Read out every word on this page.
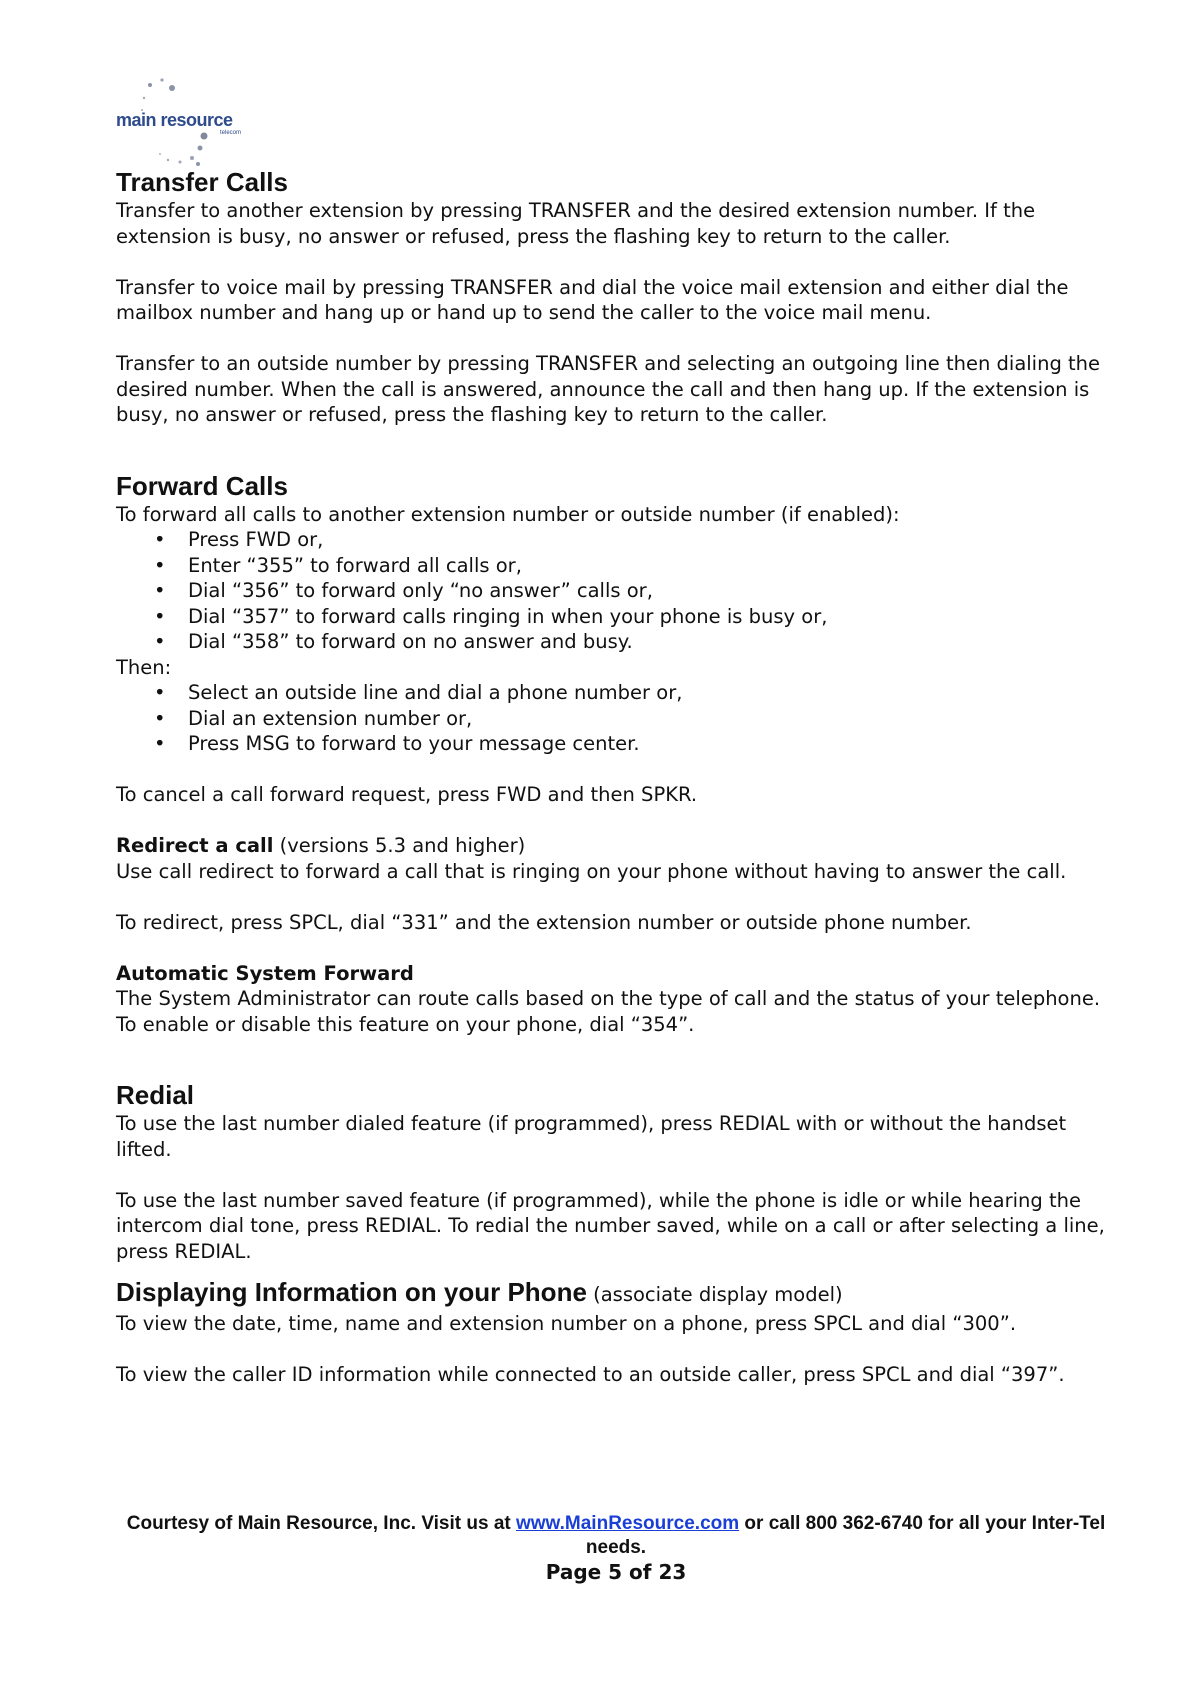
main resource
telecom
Transfer Calls

Transfer to another extension by pressing TRANSFER and the desired extension number. If the extension is busy, no answer or refused, press the flashing key to return to the caller.

Transfer to voice mail by pressing TRANSFER and dial the voice mail extension and either dial the mailbox number and hang up or hand up to send the caller to the voice mail menu.

Transfer to an outside number by pressing TRANSFER and selecting an outgoing line then dialing the desired number. When the call is answered, announce the call and then hang up. If the extension is busy, no answer or refused, press the flashing key to return to the caller.

Forward Calls

To forward all calls to another extension number or outside number (if enabled):

• Press FWD or,
• Enter “355” to forward all calls or,
• Dial “356” to forward only “no answer” calls or,
• Dial “357” to forward calls ringing in when your phone is busy or,
• Dial “358” to forward on no answer and busy.

Then:

• Select an outside line and dial a phone number or,
• Dial an extension number or,
• Press MSG to forward to your message center.

To cancel a call forward request, press FWD and then SPKR.

Redirect a call (versions 5.3 and higher)

Use call redirect to forward a call that is ringing on your phone without having to answer the call.

To redirect, press SPCL, dial “331” and the extension number or outside phone number.

Automatic System Forward

The System Administrator can route calls based on the type of call and the status of your telephone. To enable or disable this feature on your phone, dial “354”.

Redial

To use the last number dialed feature (if programmed), press REDIAL with or without the handset lifted.

To use the last number saved feature (if programmed), while the phone is idle or while hearing the intercom dial tone, press REDIAL. To redial the number saved, while on a call or after selecting a line, press REDIAL.

Displaying Information on your Phone (associate display model)

To view the date, time, name and extension number on a phone, press SPCL and dial “300”.

To view the caller ID information while connected to an outside caller, press SPCL and dial “397”.

Courtesy of Main Resource, Inc. Visit us at www.MainResource.com or call 800 362-6740 for all your Inter-Tel needs.
Page 5 of 23
